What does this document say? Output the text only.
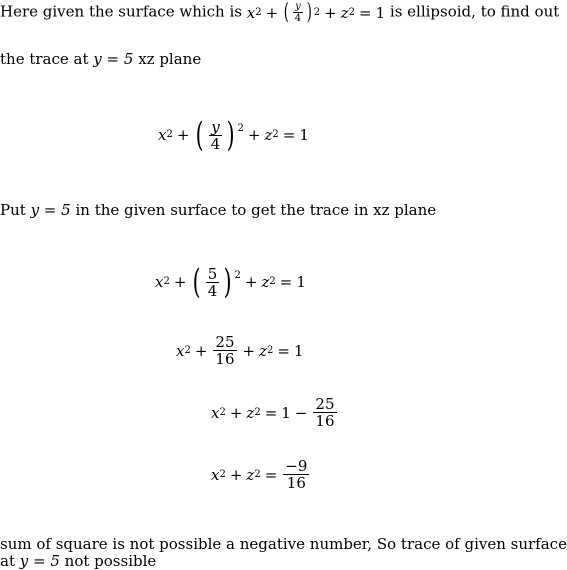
Here given the surface which is x 2 + ( $\frac{y}{4}$ ) 2 + z 2 = 1 is ellipsoid, to find out
the trace at y = 5 xz plane
x 2 + ( $\frac{y}{4}$ ) 2 + z 2 = 1
Put y = 5 in the given surface to get the trace in xz plane
x 2 + ( $\frac{5}{4}$ ) 2 + z 2 = 1
x $2 + \frac{25}{16} + z$ 2 = 1
x 2 + z $2 = 1 - \frac{25}{16}$
x 2 + z $2 = \frac{-9}{16}$
sum of square is not possible a negative number, So trace of given surface
at y = 5 not possible
